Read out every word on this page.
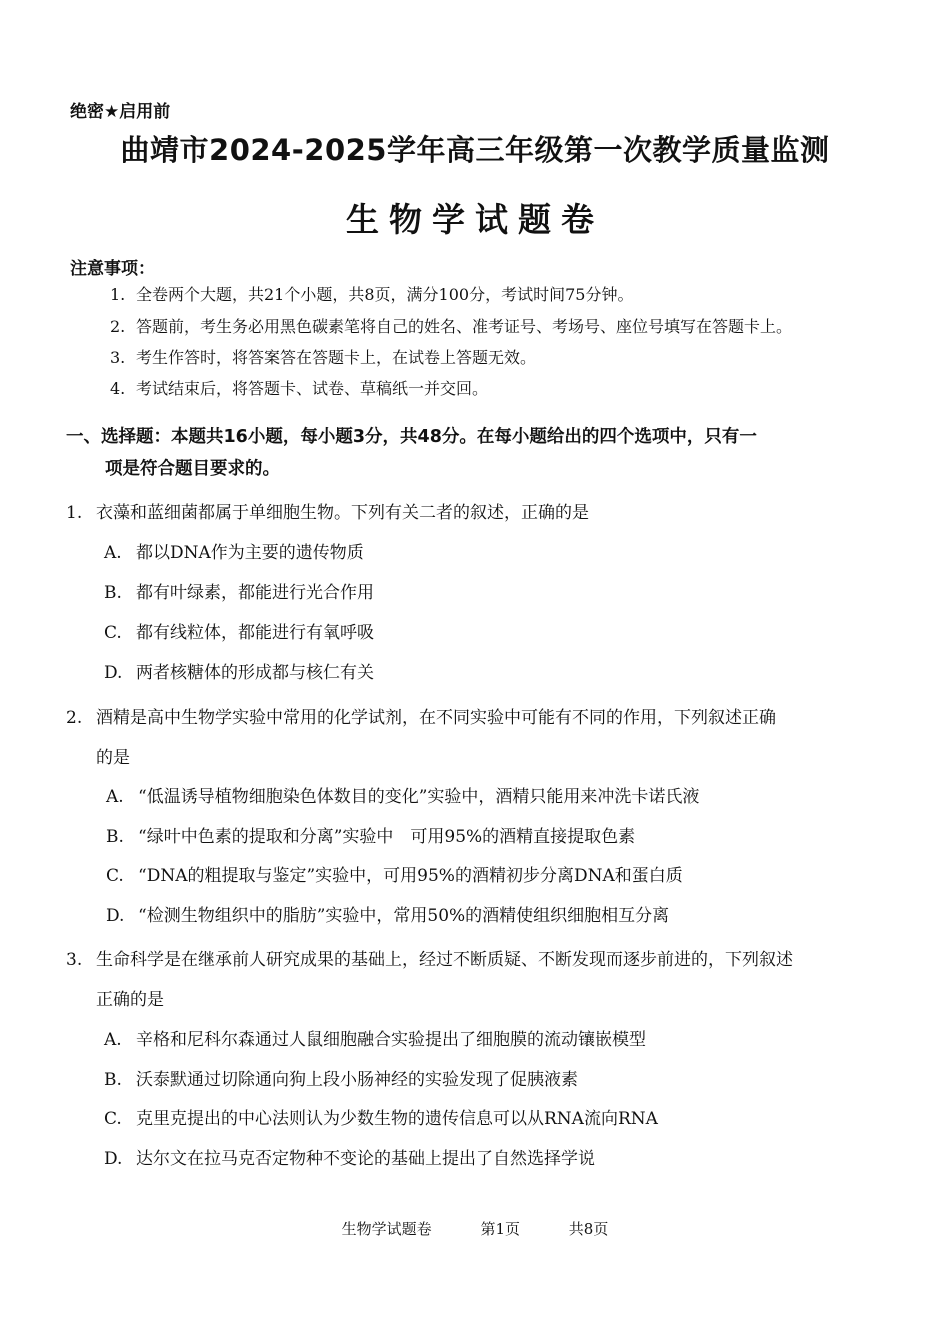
绝密★启用前
曲靖市2024-2025学年高三年级第一次教学质量监测
生物学试题卷
注意事项：
1. 全卷两个大题，共21个小题，共8页，满分100分，考试时间75分钟。
2. 答题前，考生务必用黑色碳素笔将自己的姓名、准考证号、考场号、座位号填写在答题卡上。
3. 考生作答时，将答案答在答题卡上，在试卷上答题无效。
4. 考试结束后，将答题卡、试卷、草稿纸一并交回。
一、选择题：本题共16小题，每小题3分，共48分。在每小题给出的四个选项中，只有一
项是符合题目要求的。
1. 衣藻和蓝细菌都属于单细胞生物。下列有关二者的叙述，正确的是
A. 都以DNA作为主要的遗传物质
B. 都有叶绿素，都能进行光合作用
C. 都有线粒体，都能进行有氧呼吸
D. 两者核糖体的形成都与核仁有关
2. 酒精是高中生物学实验中常用的化学试剂，在不同实验中可能有不同的作用，下列叙述正确
的是
A. “低温诱导植物细胞染色体数目的变化”实验中，酒精只能用来冲洗卡诺氏液
B. “绿叶中色素的提取和分离”实验中　可用95%的酒精直接提取色素
C. “DNA的粗提取与鉴定”实验中，可用95%的酒精初步分离DNA和蛋白质
D. “检测生物组织中的脂肪”实验中，常用50%的酒精使组织细胞相互分离
3. 生命科学是在继承前人研究成果的基础上，经过不断质疑、不断发现而逐步前进的，下列叙述
正确的是
A. 辛格和尼科尔森通过人鼠细胞融合实验提出了细胞膜的流动镶嵌模型
B. 沃泰默通过切除通向狗上段小肠神经的实验发现了促胰液素
C. 克里克提出的中心法则认为少数生物的遗传信息可以从RNA流向RNA
D. 达尔文在拉马克否定物种不变论的基础上提出了自然选择学说
生物学试题卷	第1页	共8页
